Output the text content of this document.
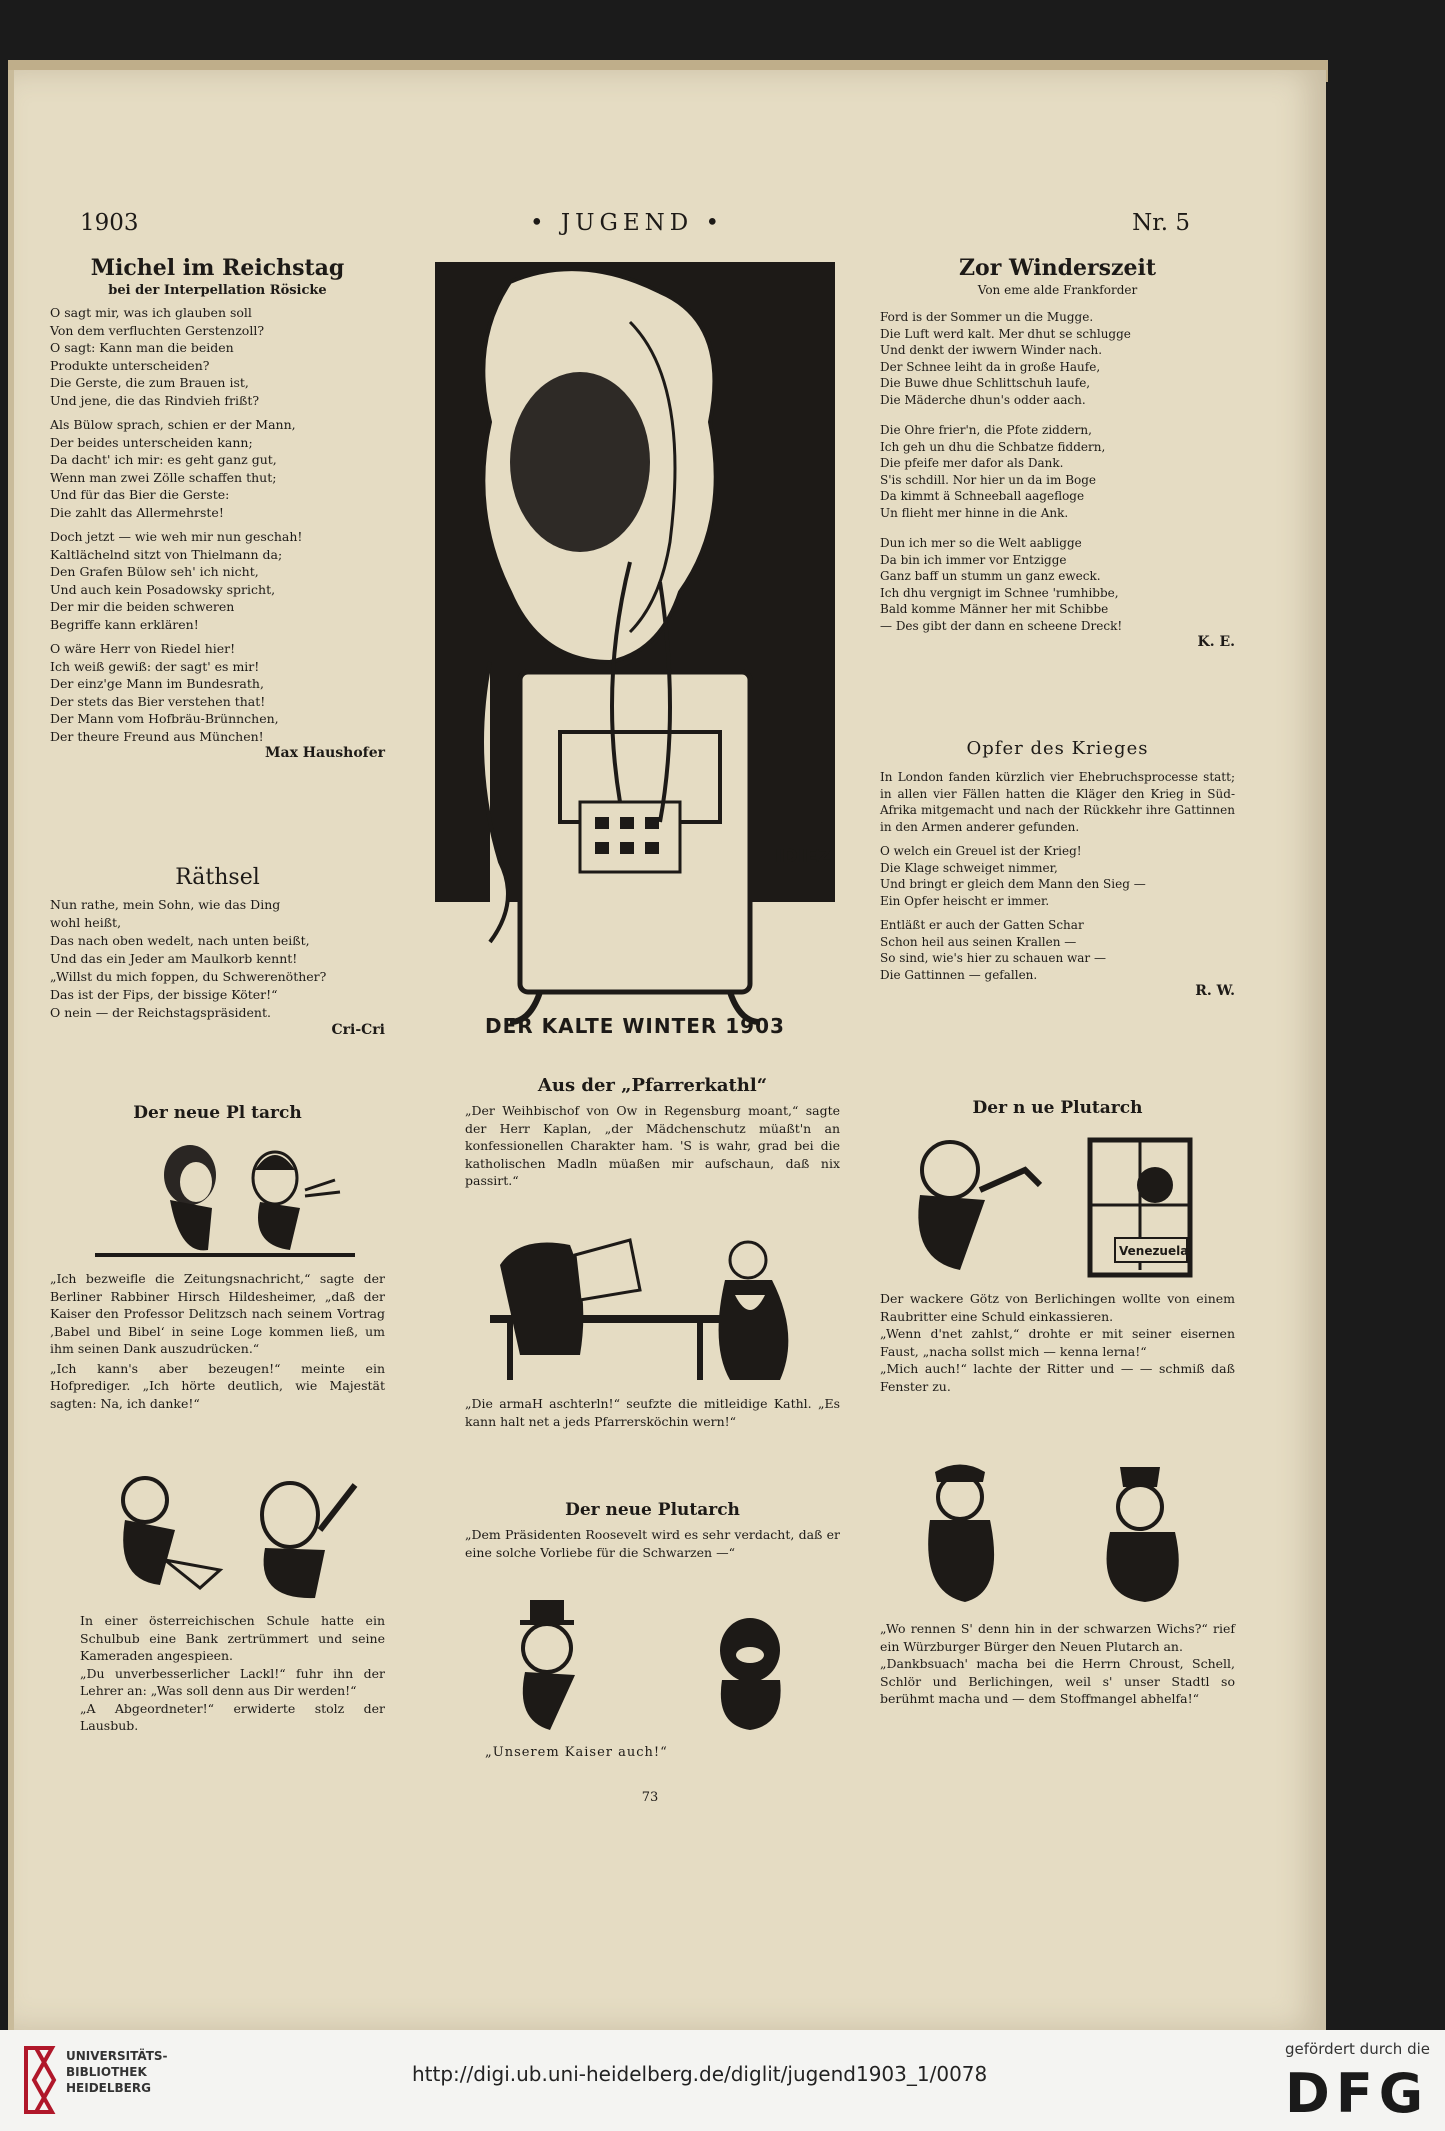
1903	• JUGEND •	Nr. 5
Michel im Reichstag
bei der Interpellation Rösicke
O sagt mir, was ich glauben soll
Von dem verfluchten Gerstenzoll?
O sagt: Kann man die beiden
Produkte unterscheiden?
Die Gerste, die zum Brauen ist,
Und jene, die das Rindvieh frißt?
Als Bülow sprach, schien er der Mann,
Der beides unterscheiden kann;
Da dacht' ich mir: es geht ganz gut,
Wenn man zwei Zölle schaffen thut;
Und für das Bier die Gerste:
Die zahlt das Allermehrste!
Doch jetzt — wie weh mir nun geschah!
Kaltlächelnd sitzt von Thielmann da;
Den Grafen Bülow seh' ich nicht,
Und auch kein Posadowsky spricht,
Der mir die beiden schweren
Begriffe kann erklären!
O wäre Herr von Riedel hier!
Ich weiß gewiß: der sagt' es mir!
Der einz'ge Mann im Bundesrath,
Der stets das Bier verstehen that!
Der Mann vom Hofbräu-Brünnchen,
Der theure Freund aus München!
Max Haushofer
Räthsel
Nun rathe, mein Sohn, wie das Ding
wohl heißt,
Das nach oben wedelt, nach unten beißt,
Und das ein Jeder am Maulkorb kennt!
„Willst du mich foppen, du Schwerenöther?
Das ist der Fips, der bissige Köter!“
O nein — der Reichstagspräsident.
Cri-Cri
Der neue Pl tarch

„Ich bezweifle die Zeitungsnachricht,“ sagte der Berliner Rabbiner Hirsch Hildesheimer, „daß der Kaiser den Professor Delitzsch nach seinem Vortrag ‚Babel und Bibel‘ in seine Loge kommen ließ, um ihm seinen Dank auszudrücken.“

„Ich kann's aber bezeugen!“ meinte ein Hofprediger. „Ich hörte deutlich, wie Majestät sagten: Na, ich danke!“

In einer österreichischen Schule hatte ein Schulbub eine Bank zertrümmert und seine Kameraden angespieen.

„Du unverbesserlicher Lackl!“ fuhr ihn der Lehrer an: „Was soll denn aus Dir werden!“

„A Abgeordneter!“ erwiderte stolz der Lausbub.

IDIEZ
DER KALTE WINTER 1903
Aus der „Pfarrerkathl“

„Der Weihbischof von Ow in Regensburg moant,“ sagte der Herr Kaplan, „der Mädchenschutz müaßt'n an konfessionellen Charakter ham. 'S is wahr, grad bei die katholischen Madln müaßen mir aufschaun, daß nix passirt.“

„Die armaH aschterln!“ seufzte die mitleidige Kathl. „Es kann halt net a jeds Pfarrersköchin wern!“

Der neue Plutarch

„Dem Präsidenten Roosevelt wird es sehr verdacht, daß er eine solche Vorliebe für die Schwarzen —“

„Unserem Kaiser auch!“

Zor Winderszeit
Von eme alde Frankforder
Ford is der Sommer un die Mugge.
Die Luft werd kalt. Mer dhut se schlugge
Und denkt der iwwern Winder nach.
Der Schnee leiht da in große Haufe,
Die Buwe dhue Schlittschuh laufe,
Die Mäderche dhun's odder aach.
Die Ohre frier'n, die Pfote ziddern,
Ich geh un dhu die Schbatze fiddern,
Die pfeife mer dafor als Dank.
S'is schdill. Nor hier un da im Boge
Da kimmt ä Schneeball aagefloge
Un flieht mer hinne in die Ank.
Dun ich mer so die Welt aabligge
Da bin ich immer vor Entzigge
Ganz baff un stumm un ganz eweck.
Ich dhu vergnigt im Schnee 'rumhibbe,
Bald komme Männer her mit Schibbe
— Des gibt der dann en scheene Dreck!
K. E.
Opfer des Krieges

In London fanden kürzlich vier Ehebruchsprocesse statt; in allen vier Fällen hatten die Kläger den Krieg in Süd-Afrika mitgemacht und nach der Rückkehr ihre Gattinnen in den Armen anderer gefunden.

O welch ein Greuel ist der Krieg!
Die Klage schweiget nimmer,
Und bringt er gleich dem Mann den Sieg —
Ein Opfer heischt er immer.
Entläßt er auch der Gatten Schar
Schon heil aus seinen Krallen —
So sind, wie's hier zu schauen war —
Die Gattinnen — gefallen.
R. W.
Der n ue Plutarch
Venezuela

Der wackere Götz von Berlichingen wollte von einem Raubritter eine Schuld einkassieren.

„Wenn d'net zahlst,“ drohte er mit seiner eisernen Faust, „nacha sollst mich — kenna lerna!“

„Mich auch!“ lachte der Ritter und — — schmiß daß Fenster zu.

„Wo rennen S' denn hin in der schwarzen Wichs?“ rief ein Würzburger Bürger den Neuen Plutarch an.

„Dankbsuach' macha bei die Herrn Chroust, Schell, Schlör und Berlichingen, weil s' unser Stadtl so berühmt macha und — dem Stoffmangel abhelfa!“

73
UNIVERSITÄTS-
BIBLIOTHEK
HEIDELBERG
http://digi.ub.uni-heidelberg.de/diglit/jugend1903_1/0078
gefördert durch die
DFG
